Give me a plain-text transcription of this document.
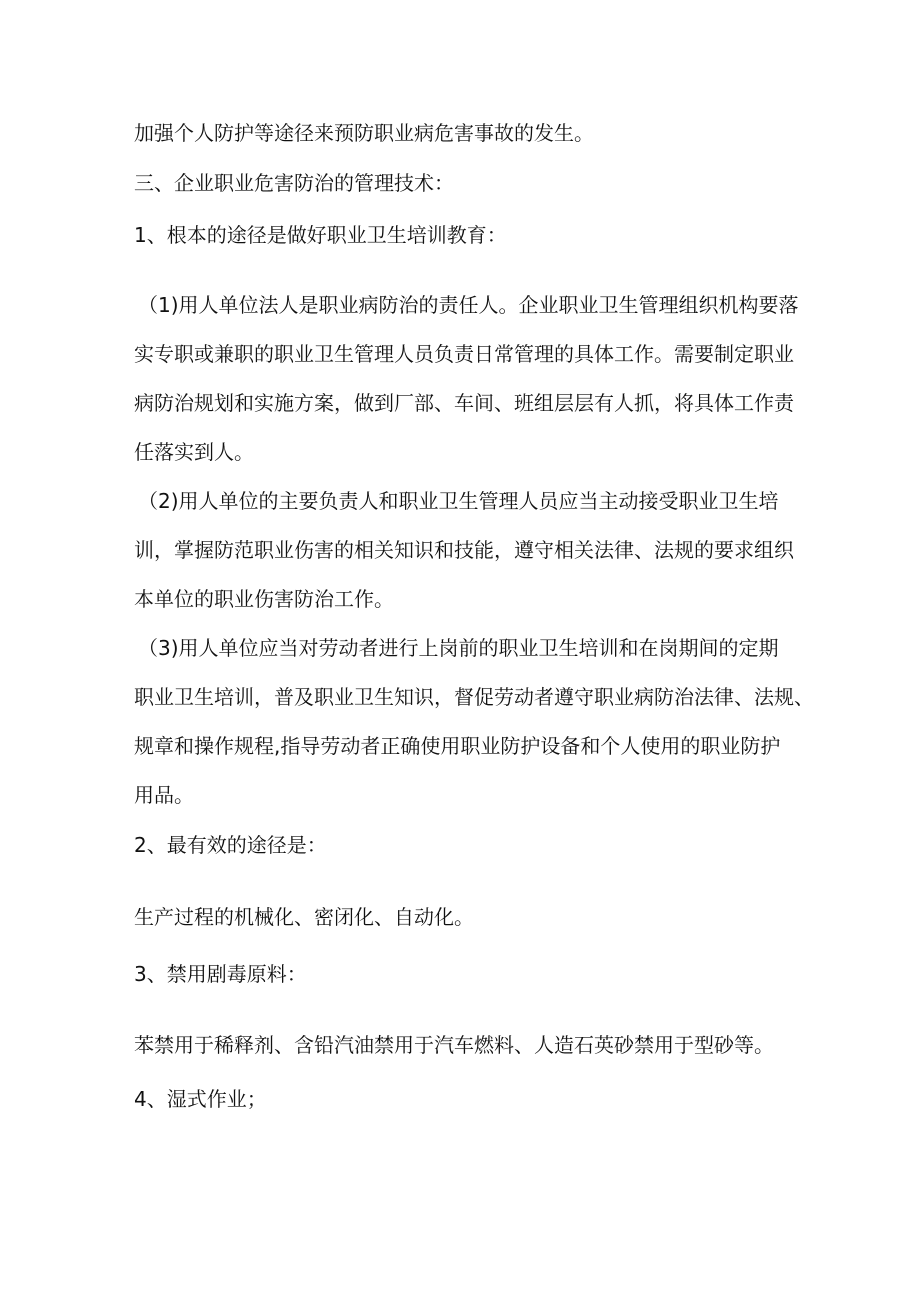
加强个人防护等途径来预防职业病危害事故的发生。

三、企业职业危害防治的管理技术：

1、根本的途径是做好职业卫生培训教育：

（1)用人单位法人是职业病防治的责任人。企业职业卫生管理组织机构要落

实专职或兼职的职业卫生管理人员负责日常管理的具体工作。需要制定职业

病防治规划和实施方案，做到厂部、车间、班组层层有人抓，将具体工作责

任落实到人。

（2)用人单位的主要负责人和职业卫生管理人员应当主动接受职业卫生培

训，掌握防范职业伤害的相关知识和技能，遵守相关法律、法规的要求组织

本单位的职业伤害防治工作。

（3)用人单位应当对劳动者进行上岗前的职业卫生培训和在岗期间的定期

职业卫生培训，普及职业卫生知识，督促劳动者遵守职业病防治法律、法规、

规章和操作规程,指导劳动者正确使用职业防护设备和个人使用的职业防护

用品。

2、最有效的途径是：

生产过程的机械化、密闭化、自动化。

3、禁用剧毒原料：

苯禁用于稀释剂、含铅汽油禁用于汽车燃料、人造石英砂禁用于型砂等。

4、湿式作业；
